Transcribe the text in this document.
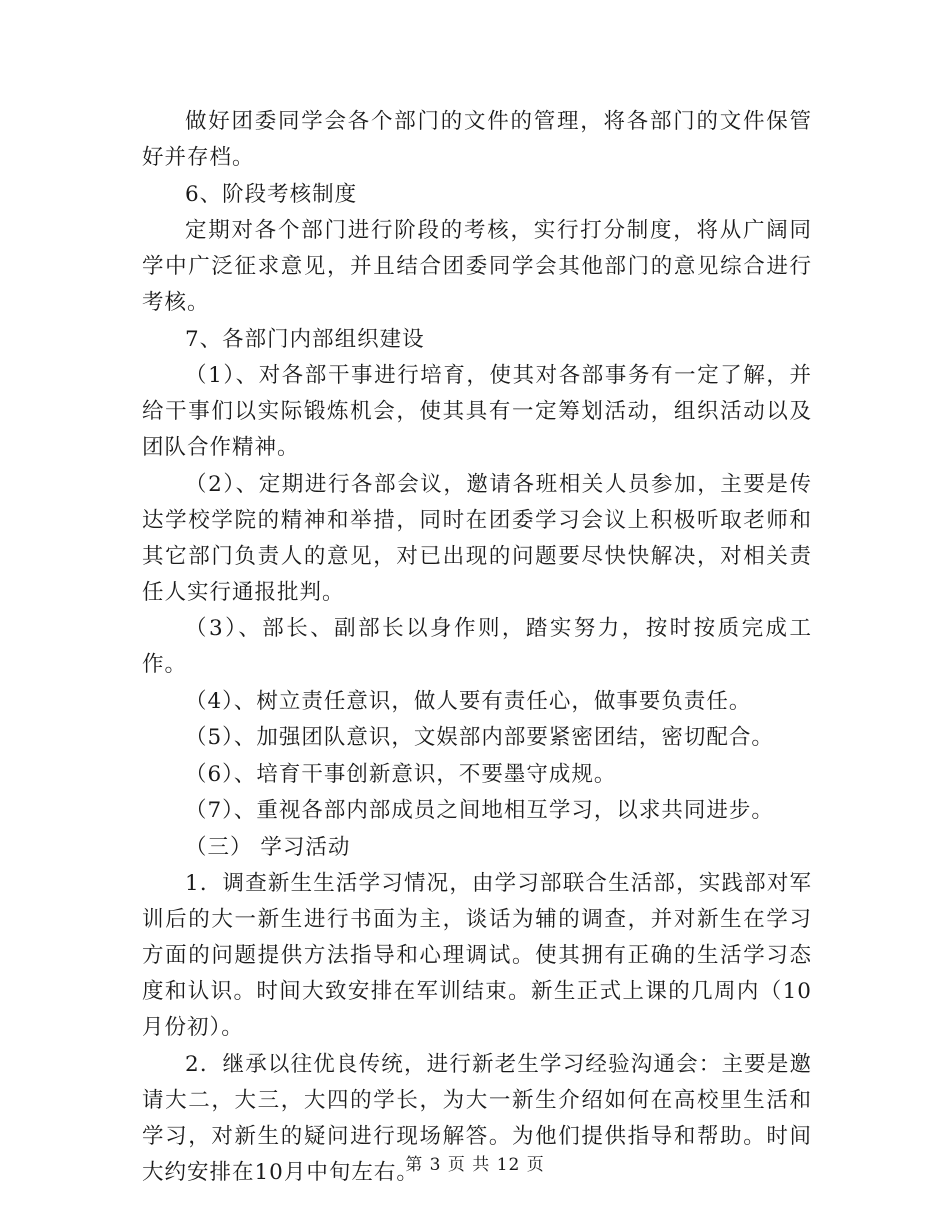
做好团委同学会各个部门的文件的管理，将各部门的文件保管好并存档。

6、阶段考核制度

定期对各个部门进行阶段的考核，实行打分制度，将从广阔同学中广泛征求意见，并且结合团委同学会其他部门的意见综合进行考核。

7、各部门内部组织建设

（1）、对各部干事进行培育，使其对各部事务有一定了解，并给干事们以实际锻炼机会，使其具有一定筹划活动，组织活动以及团队合作精神。

（2）、定期进行各部会议，邀请各班相关人员参加，主要是传达学校学院的精神和举措，同时在团委学习会议上积极听取老师和其它部门负责人的意见，对已出现的问题要尽快快解决，对相关责任人实行通报批判。

（3）、部长、副部长以身作则，踏实努力，按时按质完成工作。

（4）、树立责任意识，做人要有责任心，做事要负责任。

（5）、加强团队意识，文娱部内部要紧密团结，密切配合。

（6）、培育干事创新意识，不要墨守成规。

（7）、重视各部内部成员之间地相互学习，以求共同进步。

（三） 学习活动

1．调查新生生活学习情况，由学习部联合生活部，实践部对军训后的大一新生进行书面为主，谈话为辅的调查，并对新生在学习方面的问题提供方法指导和心理调试。使其拥有正确的生活学习态度和认识。时间大致安排在军训结束。新生正式上课的几周内（10月份初）。

2．继承以往优良传统，进行新老生学习经验沟通会：主要是邀请大二，大三，大四的学长，为大一新生介绍如何在高校里生活和学习，对新生的疑问进行现场解答。为他们提供指导和帮助。时间大约安排在10月中旬左右。

第 3 页 共 12 页
